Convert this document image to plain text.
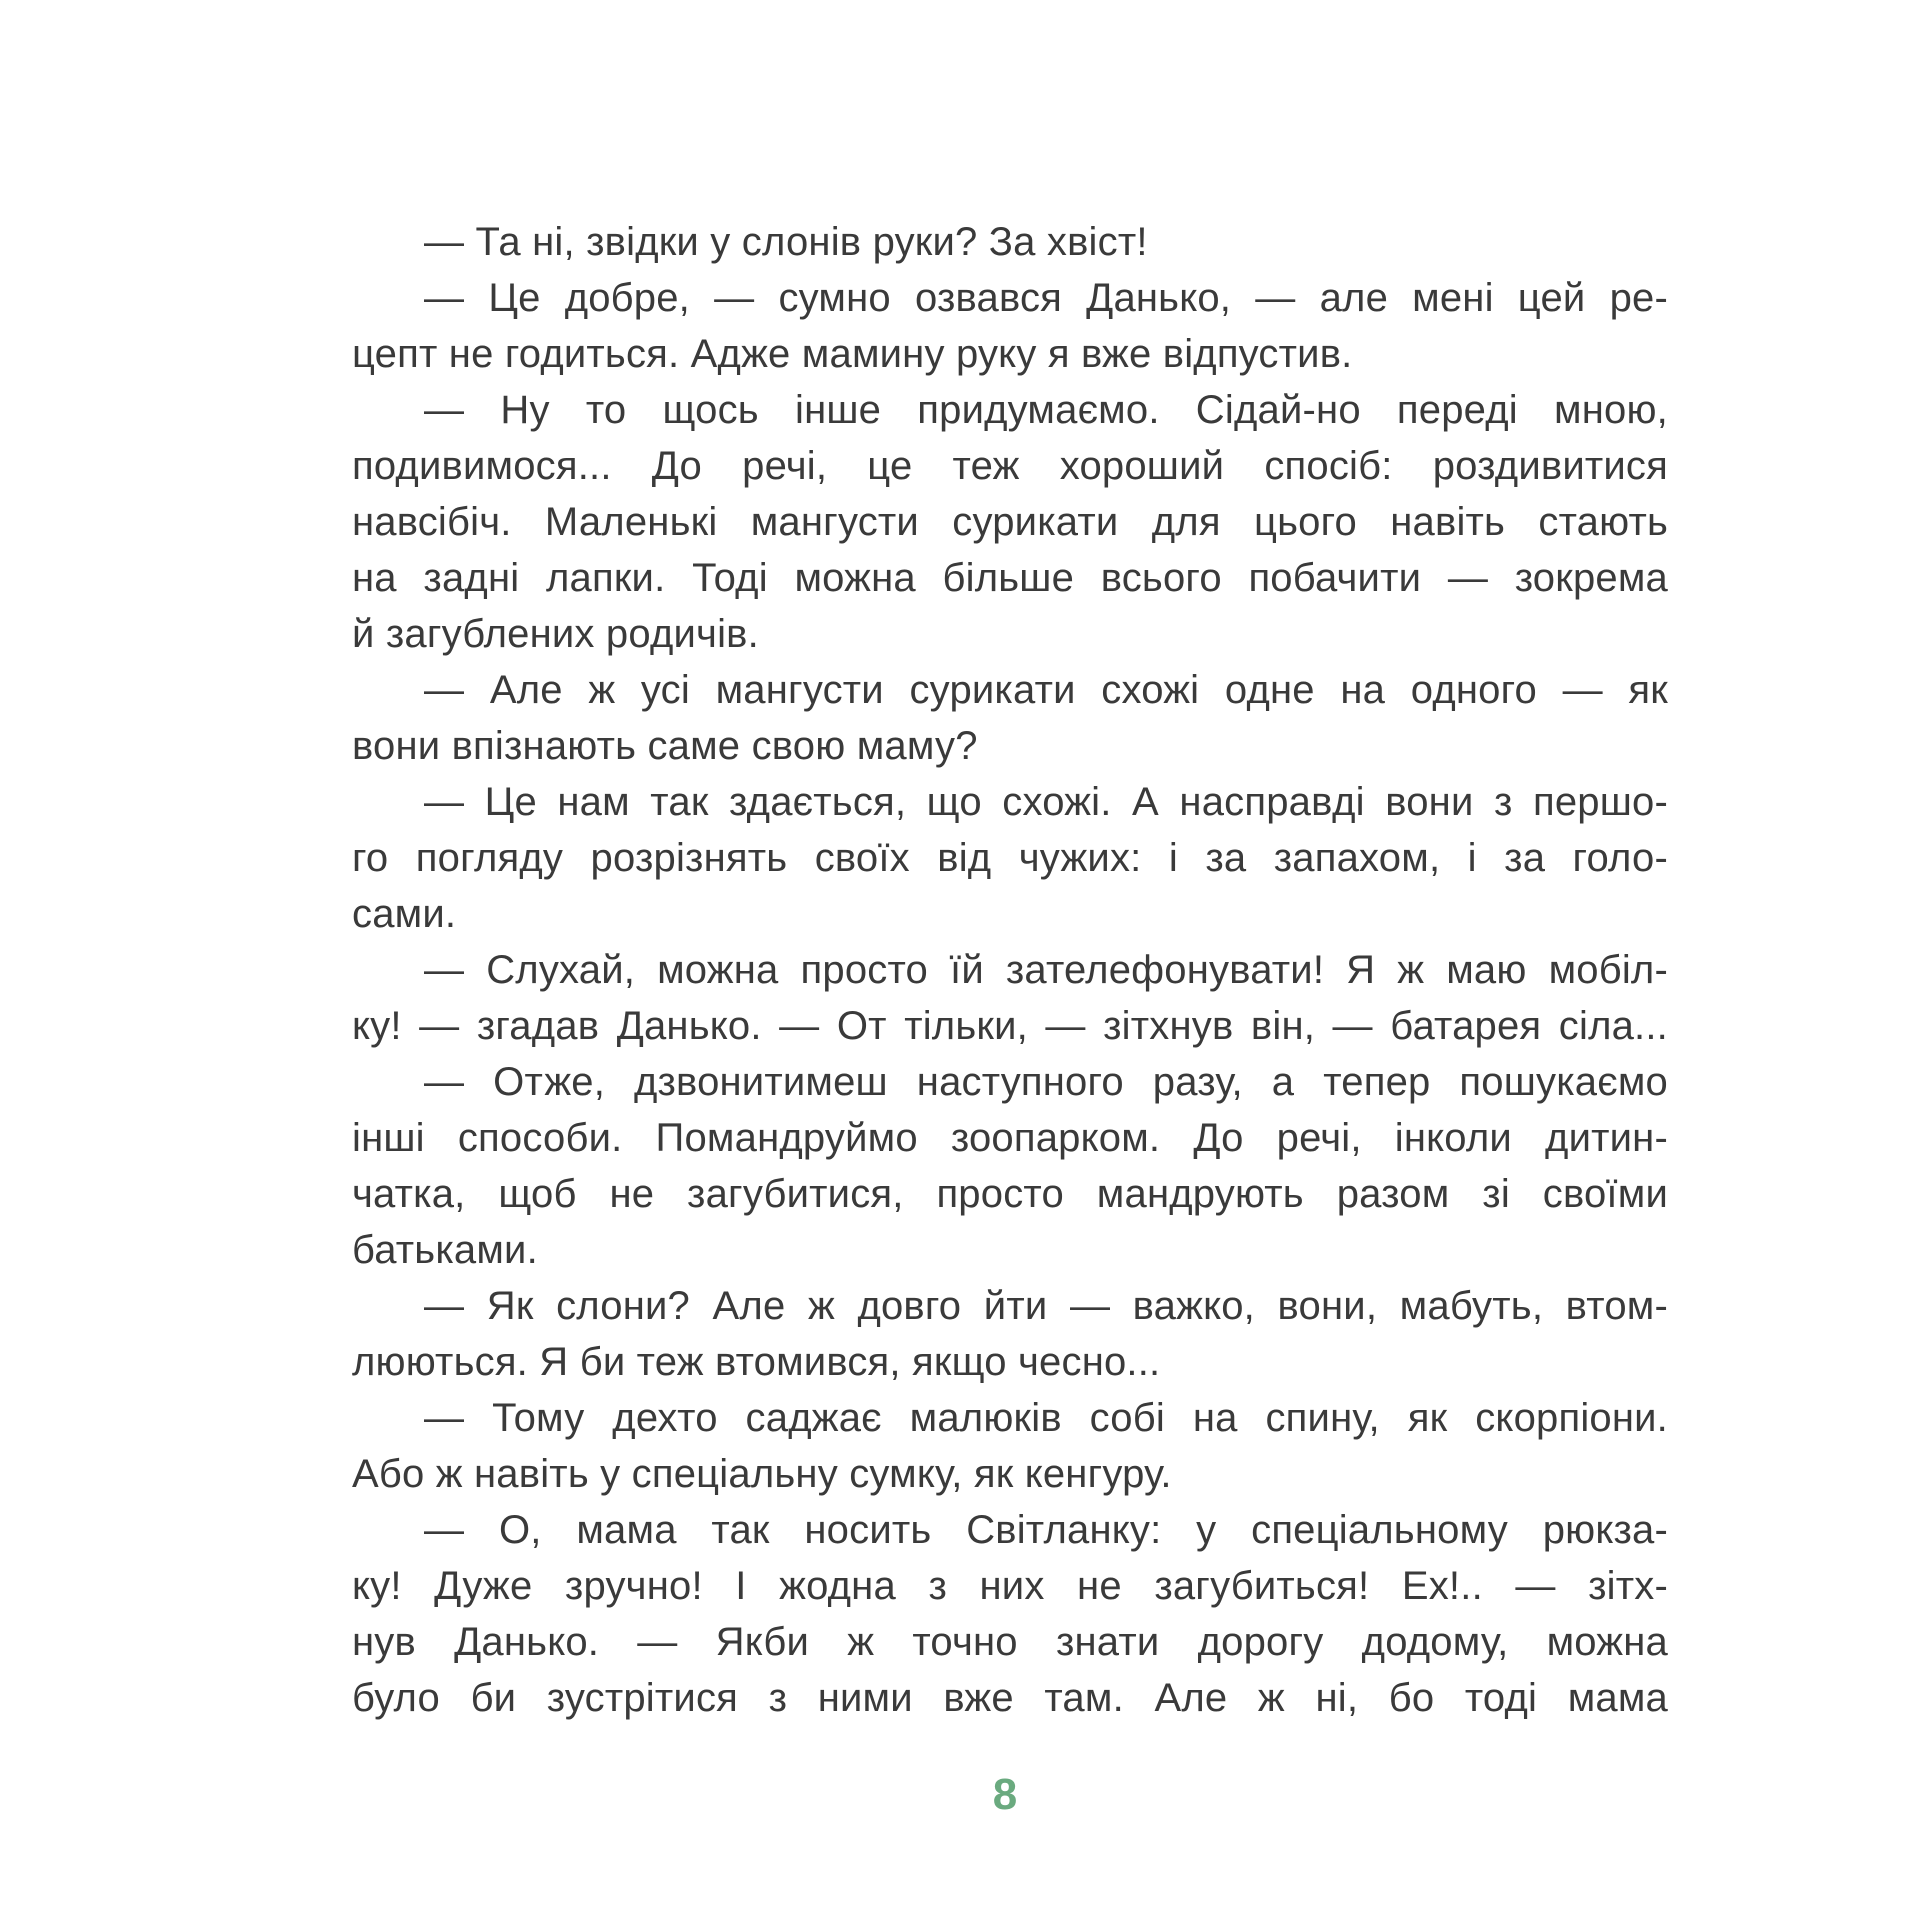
— Та ні, звідки у слонів руки? За хвіст!
— Це добре, — сумно озвався Данько, — але мені цей ре-
цепт не годиться. Адже мамину руку я вже відпустив.
— Ну то щось інше придумаємо. Сідай-но переді мною,
подивимося... До речі, це теж хороший спосіб: роздивитися
навсібіч. Маленькі мангусти сурикати для цього навіть стають
на задні лапки. Тоді можна більше всього побачити — зокрема
й загублених родичів.
— Але ж усі мангусти сурикати схожі одне на одного — як
вони впізнають саме свою маму?
— Це нам так здається, що схожі. А насправді вони з першо-
го погляду розрізнять своїх від чужих: і за запахом, і за голо-
сами.
— Слухай, можна просто їй зателефонувати! Я ж маю мобіл-
ку! — згадав Данько. — От тільки, — зітхнув він, — батарея сіла...
— Отже, дзвонитимеш наступного разу, а тепер пошукаємо
інші способи. Помандруймо зоопарком. До речі, інколи дитин-
чатка, щоб не загубитися, просто мандрують разом зі своїми
батьками.
— Як слони? Але ж довго йти — важко, вони, мабуть, втом-
люються. Я би теж втомився, якщо чесно...
— Тому дехто саджає малюків собі на спину, як скорпіони.
Або ж навіть у спеціальну сумку, як кенгуру.
— О, мама так носить Світланку: у спеціальному рюкза-
ку! Дуже зручно! І жодна з них не загубиться! Ех!.. — зітх-
нув Данько. — Якби ж точно знати дорогу додому, можна
було би зустрітися з ними вже там. Але ж ні, бо тоді мама
8
